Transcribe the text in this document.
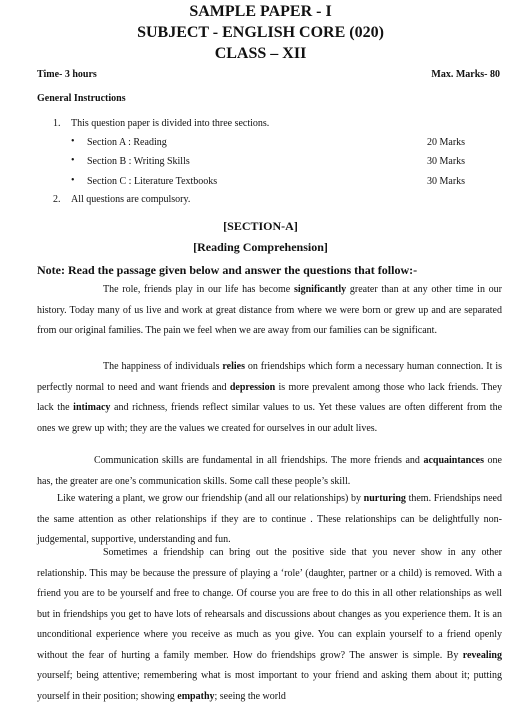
SAMPLE PAPER - I
SUBJECT - ENGLISH CORE (020)
CLASS – XII
Time- 3 hours	Max. Marks- 80
General Instructions
1. This question paper is divided into three sections.
• Section A : Reading	20 Marks
• Section B : Writing Skills	30 Marks
• Section C : Literature Textbooks	30 Marks
2. All questions are compulsory.
[SECTION-A]
[Reading Comprehension]
Note: Read the passage given below and answer the questions that follow:-

The role, friends play in our life has become significantly greater than at any other time in our history. Today many of us live and work at great distance from where we were born or grew up and are separated from our original families. The pain we feel when we are away from our families can be significant.

The happiness of individuals relies on friendships which form a necessary human connection. It is perfectly normal to need and want friends and depression is more prevalent among those who lack friends. They lack the intimacy and richness, friends reflect similar values to us. Yet these values are often different from the ones we grew up with; they are the values we created for ourselves in our adult lives.

Communication skills are fundamental in all friendships. The more friends and acquaintances one has, the greater are one’s communication skills. Some call these people’s skill.

Like watering a plant, we grow our friendship (and all our relationships) by nurturing them. Friendships need the same attention as other relationships if they are to continue . These relationships can be delightfully non-judgemental, supportive, understanding and fun.

Sometimes a friendship can bring out the positive side that you never show in any other relationship. This may be because the pressure of playing a ‘role’ (daughter, partner or a child) is removed. With a friend you are to be yourself and free to change. Of course you are free to do this in all other relationships as well but in friendships you get to have lots of rehearsals and discussions about changes as you experience them. It is an unconditional experience where you receive as much as you give. You can explain yourself to a friend openly without the fear of hurting a family member. How do friendships grow? The answer is simple. By revealing yourself; being attentive; remembering what is most important to your friend and asking them about it; putting yourself in their position; showing empathy; seeing the world
